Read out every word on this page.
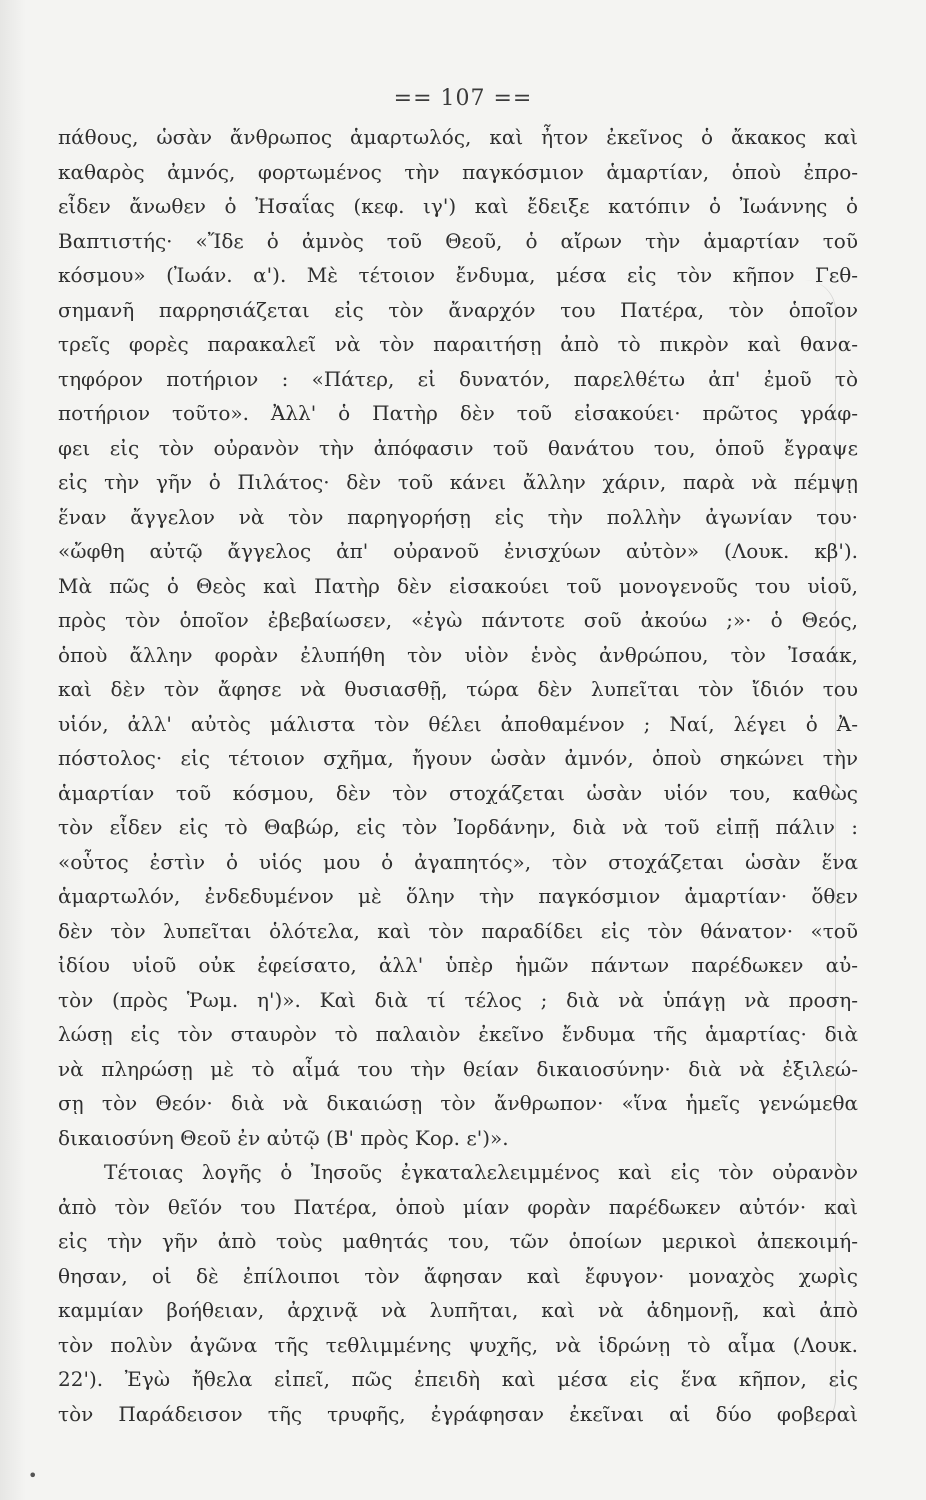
== 107 ==
πάθους, ὡσὰν ἄνθρωπος ἁμαρτωλός, καὶ ἦτον ἐκεῖνος ὁ ἄκακος καὶ
καθαρὸς ἀμνός, φορτωμένος τὴν παγκόσμιον ἁμαρτίαν, ὁποὺ ἐπρο-
εἶδεν ἄνωθεν ὁ Ἠσαΐας (κεφ. ιγ') καὶ ἔδειξε κατόπιν ὁ Ἰωάννης ὁ
Βαπτιστής· «Ἴδε ὁ ἀμνὸς τοῦ Θεοῦ, ὁ αἴρων τὴν ἁμαρτίαν τοῦ
κόσμου» (Ἰωάν. α'). Μὲ τέτοιον ἔνδυμα, μέσα εἰς τὸν κῆπον Γεθ-
σημανῆ παρρησιάζεται εἰς τὸν ἄναρχόν του Πατέρα, τὸν ὁποῖον
τρεῖς φορὲς παρακαλεῖ νὰ τὸν παραιτήσῃ ἀπὸ τὸ πικρὸν καὶ θανα-
τηφόρον ποτήριον : «Πάτερ, εἰ δυνατόν, παρελθέτω ἀπ' ἐμοῦ τὸ
ποτήριον τοῦτο». Ἀλλ' ὁ Πατὴρ δὲν τοῦ εἰσακούει· πρῶτος γράφ-
φει εἰς τὸν οὐρανὸν τὴν ἀπόφασιν τοῦ θανάτου του, ὁποῦ ἔγραψε
εἰς τὴν γῆν ὁ Πιλάτος· δὲν τοῦ κάνει ἄλλην χάριν, παρὰ νὰ πέμψῃ
ἕναν ἄγγελον νὰ τὸν παρηγορήσῃ εἰς τὴν πολλὴν ἀγωνίαν του·
«ὤφθη αὐτῷ ἄγγελος ἀπ' οὐρανοῦ ἐνισχύων αὐτὸν» (Λουκ. κβ').
Μὰ πῶς ὁ Θεὸς καὶ Πατὴρ δὲν εἰσακούει τοῦ μονογενοῦς του υἱοῦ,
πρὸς τὸν ὁποῖον ἐβεβαίωσεν, «ἐγὼ πάντοτε σοῦ ἀκούω ;»· ὁ Θεός,
ὁποὺ ἄλλην φορὰν ἐλυπήθη τὸν υἱὸν ἑνὸς ἀνθρώπου, τὸν Ἰσαάκ,
καὶ δὲν τὸν ἄφησε νὰ θυσιασθῇ, τώρα δὲν λυπεῖται τὸν ἴδιόν του
υἱόν, ἀλλ' αὐτὸς μάλιστα τὸν θέλει ἀποθαμένον ; Ναί, λέγει ὁ Ἀ-
πόστολος· εἰς τέτοιον σχῆμα, ἤγουν ὡσὰν ἀμνόν, ὁποὺ σηκώνει τὴν
ἁμαρτίαν τοῦ κόσμου, δὲν τὸν στοχάζεται ὡσὰν υἱόν του, καθὼς
τὸν εἶδεν εἰς τὸ Θαβώρ, εἰς τὸν Ἰορδάνην, διὰ νὰ τοῦ εἰπῇ πάλιν :
«οὗτος ἐστὶν ὁ υἱός μου ὁ ἀγαπητός», τὸν στοχάζεται ὡσὰν ἕνα
ἁμαρτωλόν, ἐνδεδυμένον μὲ ὅλην τὴν παγκόσμιον ἁμαρτίαν· ὅθεν
δὲν τὸν λυπεῖται ὁλότελα, καὶ τὸν παραδίδει εἰς τὸν θάνατον· «τοῦ
ἰδίου υἱοῦ οὐκ ἐφείσατο, ἀλλ' ὑπὲρ ἡμῶν πάντων παρέδωκεν αὐ-
τὸν (πρὸς Ῥωμ. η')». Καὶ διὰ τί τέλος ; διὰ νὰ ὑπάγῃ νὰ προση-
λώσῃ εἰς τὸν σταυρὸν τὸ παλαιὸν ἐκεῖνο ἔνδυμα τῆς ἁμαρτίας· διὰ
νὰ πληρώσῃ μὲ τὸ αἷμά του τὴν θείαν δικαιοσύνην· διὰ νὰ ἐξιλεώ-
σῃ τὸν Θεόν· διὰ νὰ δικαιώσῃ τὸν ἄνθρωπον· «ἵνα ἡμεῖς γενώμεθα
δικαιοσύνη Θεοῦ ἐν αὐτῷ (Β' πρὸς Κορ. ε')».
Τέτοιας λογῆς ὁ Ἰησοῦς ἐγκαταλελειμμένος καὶ εἰς τὸν οὐρανὸν
ἀπὸ τὸν θεῖόν του Πατέρα, ὁποὺ μίαν φορὰν παρέδωκεν αὐτόν· καὶ
εἰς τὴν γῆν ἀπὸ τοὺς μαθητάς του, τῶν ὁποίων μερικοὶ ἀπεκοιμή-
θησαν, οἱ δὲ ἐπίλοιποι τὸν ἄφησαν καὶ ἔφυγον· μοναχὸς χωρὶς
καμμίαν βοήθειαν, ἀρχινᾷ νὰ λυπῆται, καὶ νὰ ἀδημονῇ, καὶ ἀπὸ
τὸν πολὺν ἀγῶνα τῆς τεθλιμμένης ψυχῆς, νὰ ἱδρώνῃ τὸ αἷμα (Λουκ.
22'). Ἐγὼ ἤθελα εἰπεῖ, πῶς ἐπειδὴ καὶ μέσα εἰς ἕνα κῆπον, εἰς
τὸν Παράδεισον τῆς τρυφῆς, ἐγράφησαν ἐκεῖναι αἱ δύο φοβεραὶ
•
